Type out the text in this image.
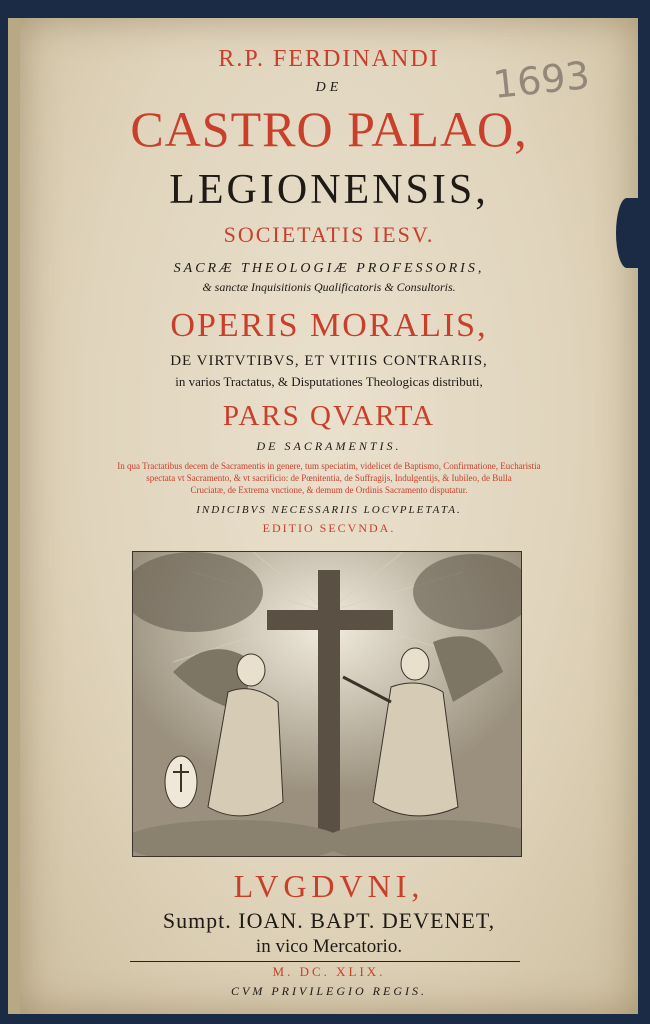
1693
R.P. FERDINANDI
DE
CASTRO PALAO,
LEGIONENSIS,
SOCIETATIS IESV.
SACRÆ THEOLOGIÆ PROFESSORIS,
& sanctæ Inquisitionis Qualificatoris & Consultoris.
OPERIS MORALIS,
DE VIRTVTIBVS, ET VITIIS CONTRARIIS,
in varios Tractatus, & Disputationes Theologicas distributi,
PARS QVARTA
DE SACRAMENTIS.
In qua Tractatibus decem de Sacramentis in genere, tum speciatim, videlicet de Baptismo, Confirmatione, Eucharistia
spectata vt Sacramento, & vt sacrificio: de Pœnitentia, de Suffragijs, Indulgentijs, & Iubileo, de Bulla
Cruciatæ, de Extrema vnctione, & demum de Ordinis Sacramento disputatur.
INDICIBVS NECESSARIIS LOCVPLETATA.
EDITIO SECVNDA.
LVGDVNI,
Sumpt. IOAN. BAPT. DEVENET,
in vico Mercatorio.
M. DC. XLIX.
CVM PRIVILEGIO REGIS.
